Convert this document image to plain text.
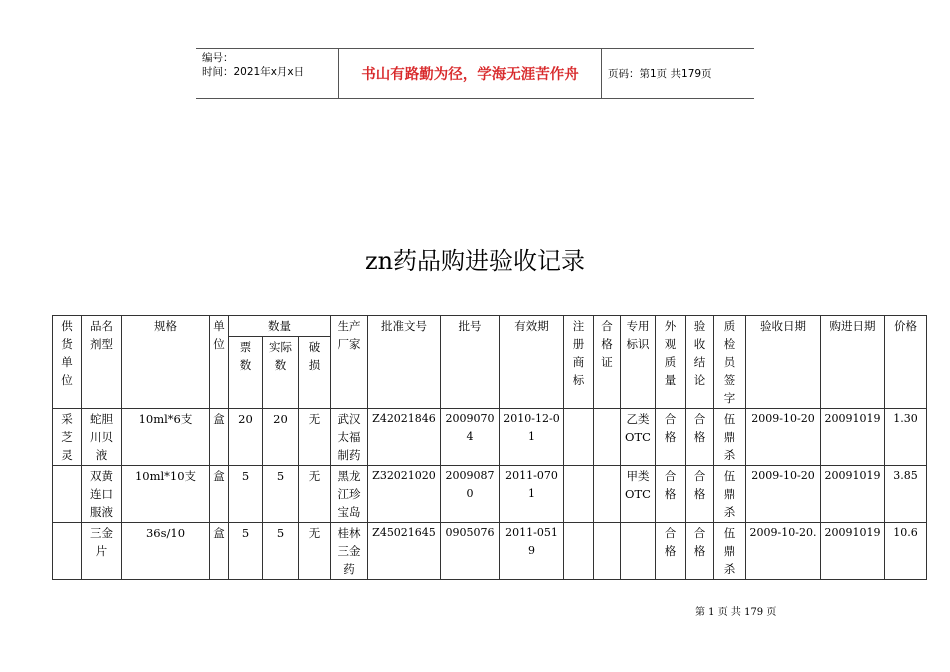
编号：
时间：2021年x月x日	书山有路勤为径，学海无涯苦作舟	页码：第1页 共179页
zn药品购进验收记录
供货单位	品名剂型	规格	单位	数量			生产厂家	批准文号	批号	有效期	注册商标	合格证	专用标识	外观质量	验收结论	质检员签字	验收日期	购进日期	价格
				票数	实际数	破损													
采芝灵	蛇胆川贝液	10ml*6支	盒	20	20	无	武汉太福制药	Z42021846	20090704	2010-12-01			乙类OTC	合格	合格	伍鼎杀	2009-10-20	20091019	1.30
	双黄连口服液	10ml*10支	盒	5	5	无	黑龙江珍宝岛	Z32021020	20090870	2011-0701			甲类OTC	合格	合格	伍鼎杀	2009-10-20	20091019	3.85
	三金片	36s/10	盒	5	5	无	桂林三金药	Z45021645	0905076	2011-0519				合格	合格	伍鼎杀	2009-10-20.	20091019	10.6
第 1 页 共 179 页
